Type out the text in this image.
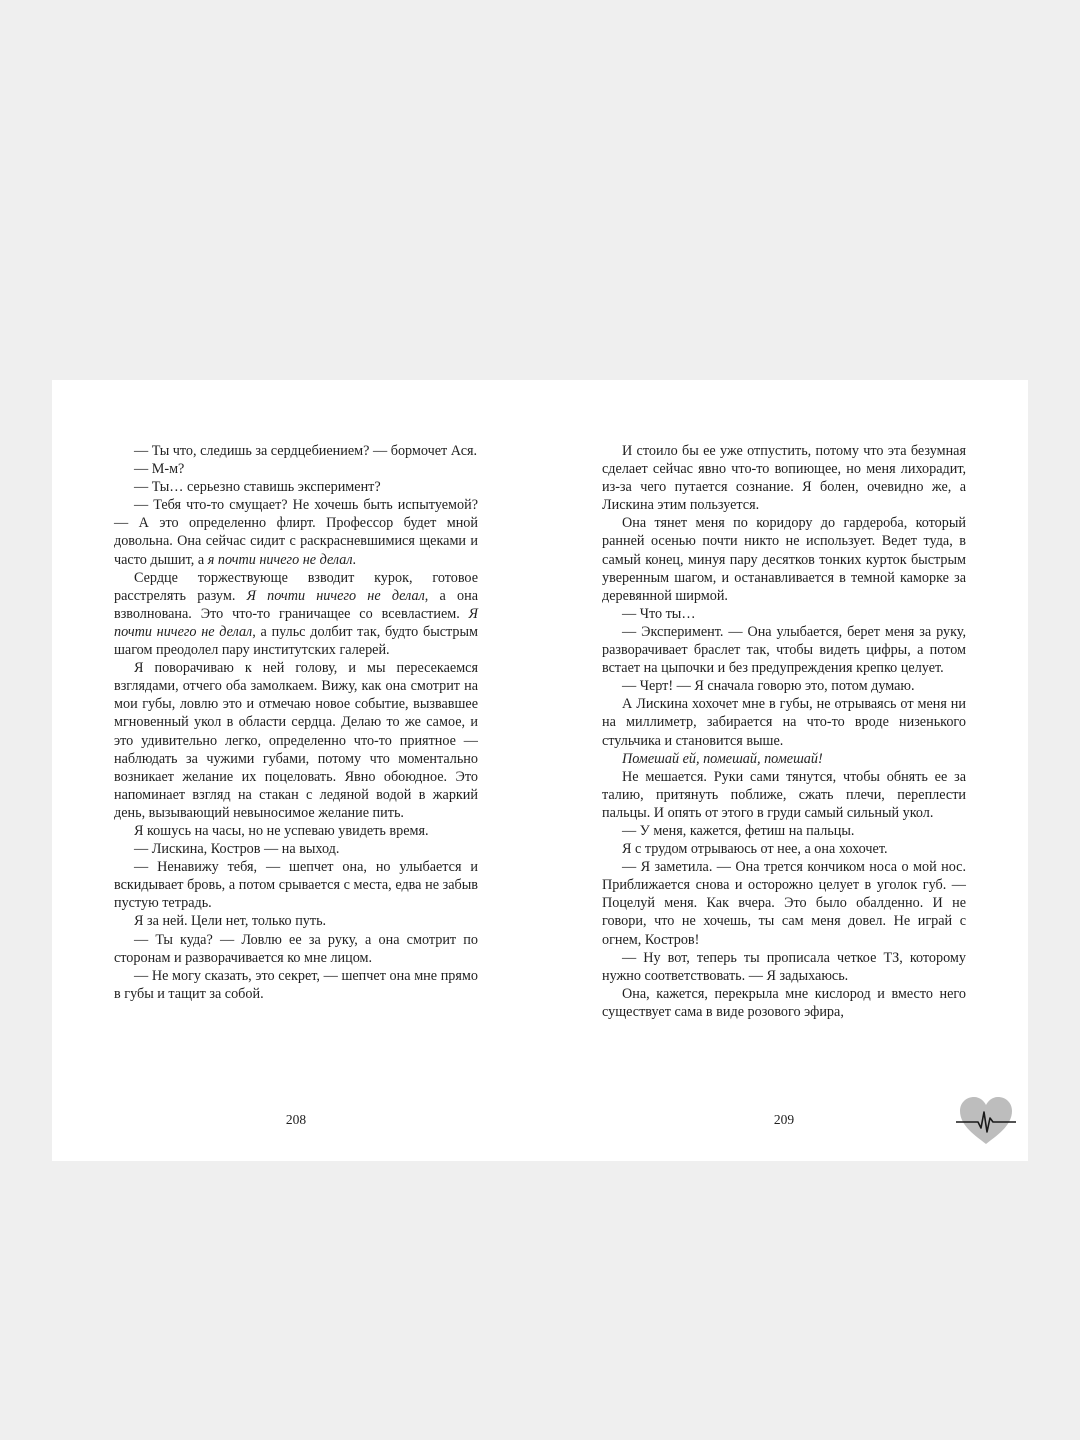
— Ты что, следишь за сердцебиением? — бормочет Ася.

— М-м?

— Ты… серьезно ставишь эксперимент?

— Тебя что-то смущает? Не хочешь быть испытуемой? — А это определенно флирт. Профессор будет мной довольна. Она сейчас сидит с раскрасневшимися щеками и часто дышит, а я почти ничего не делал.

Сердце торжествующе взводит курок, готовое расстрелять разум. Я почти ничего не делал, а она взволнована. Это что-то граничащее со всевластием. Я почти ничего не делал, а пульс долбит так, будто быстрым шагом преодолел пару институтских галерей.

Я поворачиваю к ней голову, и мы пересекаемся взглядами, отчего оба замолкаем. Вижу, как она смотрит на мои губы, ловлю это и отмечаю новое событие, вызвавшее мгновенный укол в области сердца. Делаю то же самое, и это удивительно легко, определенно что-то приятное — наблюдать за чужими губами, потому что моментально возникает желание их поцеловать. Явно обоюдное. Это напоминает взгляд на стакан с ледяной водой в жаркий день, вызывающий невыносимое желание пить.

Я кошусь на часы, но не успеваю увидеть время.

— Лискина, Костров — на выход.

— Ненавижу тебя, — шепчет она, но улыбается и вскидывает бровь, а потом срывается с места, едва не забыв пустую тетрадь.

Я за ней. Цели нет, только путь.

— Ты куда? — Ловлю ее за руку, а она смотрит по сторонам и разворачивается ко мне лицом.

— Не могу сказать, это секрет, — шепчет она мне прямо в губы и тащит за собой.

И стоило бы ее уже отпустить, потому что эта безумная сделает сейчас явно что-то вопиющее, но меня лихорадит, из-за чего путается сознание. Я болен, очевидно же, а Лискина этим пользуется.

Она тянет меня по коридору до гардероба, который ранней осенью почти никто не использует. Ведет туда, в самый конец, минуя пару десятков тонких курток быстрым уверенным шагом, и останавливается в темной каморке за деревянной ширмой.

— Что ты…

— Эксперимент. — Она улыбается, берет меня за руку, разворачивает браслет так, чтобы видеть цифры, а потом встает на цыпочки и без предупреждения крепко целует.

— Черт! — Я сначала говорю это, потом думаю.

А Лискина хохочет мне в губы, не отрываясь от меня ни на миллиметр, забирается на что-то вроде низенького стульчика и становится выше.

Помешай ей, помешай, помешай!

Не мешается. Руки сами тянутся, чтобы обнять ее за талию, притянуть поближе, сжать плечи, переплести пальцы. И опять от этого в груди самый сильный укол.

— У меня, кажется, фетиш на пальцы.

Я с трудом отрываюсь от нее, а она хохочет.

— Я заметила. — Она трется кончиком носа о мой нос. Приближается снова и осторожно целует в уголок губ. — Поцелуй меня. Как вчера. Это было обалденно. И не говори, что не хочешь, ты сам меня довел. Не играй с огнем, Костров!

— Ну вот, теперь ты прописала четкое ТЗ, которому нужно соответствовать. — Я задыхаюсь.

Она, кажется, перекрыла мне кислород и вместо него существует сама в виде розового эфира,

208	209
